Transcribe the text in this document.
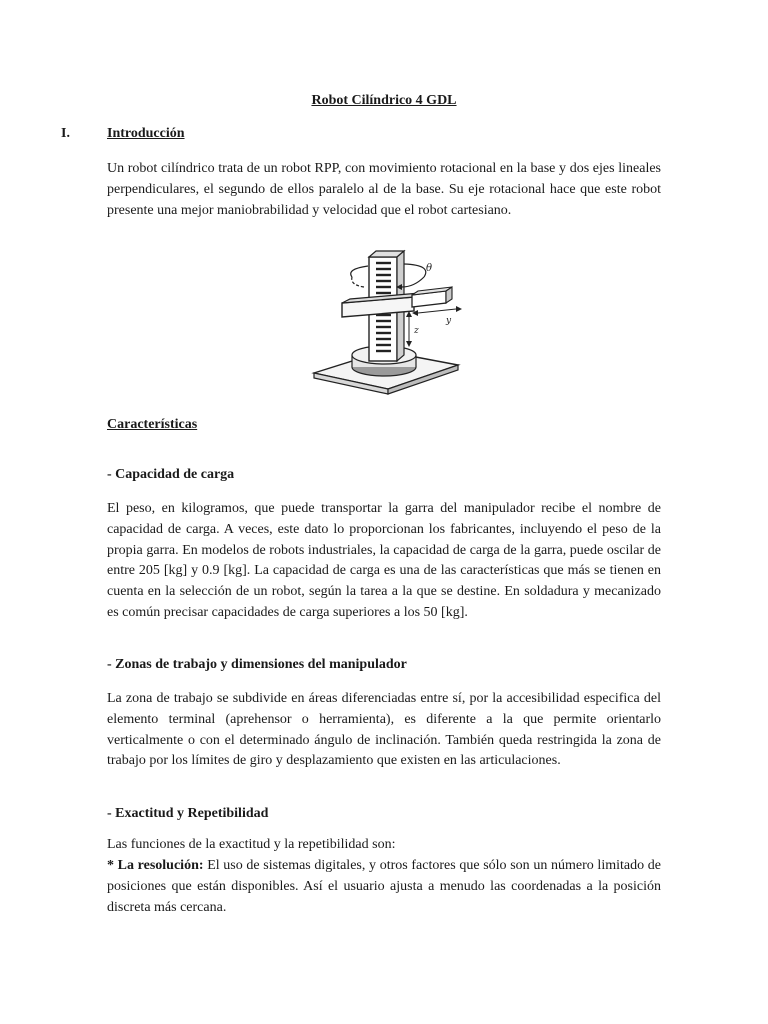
Robot Cilíndrico 4 GDL
I.	Introducción
Un robot cilíndrico trata de un robot RPP, con movimiento rotacional en la base y dos ejes lineales perpendiculares, el segundo de ellos paralelo al de la base. Su eje rotacional hace que este robot presente una mejor maniobrabilidad y velocidad que el robot cartesiano.
θ
y
z
Características
- Capacidad de carga
El peso, en kilogramos, que puede transportar la garra del manipulador recibe el nombre de capacidad de carga. A veces, este dato lo proporcionan los fabricantes, incluyendo el peso de la propia garra. En modelos de robots industriales, la capacidad de carga de la garra, puede oscilar de entre 205 [kg] y 0.9 [kg]. La capacidad de carga es una de las características que más se tienen en cuenta en la selección de un robot, según la tarea a la que se destine. En soldadura y mecanizado es común precisar capacidades de carga superiores a los 50 [kg].
- Zonas de trabajo y dimensiones del manipulador
La zona de trabajo se subdivide en áreas diferenciadas entre sí, por la accesibilidad especifica del elemento terminal (aprehensor o herramienta), es diferente a la que permite orientarlo verticalmente o con el determinado ángulo de inclinación. También queda restringida la zona de trabajo por los límites de giro y desplazamiento que existen en las articulaciones.
- Exactitud y Repetibilidad
Las funciones de la exactitud y la repetibilidad son:
* La resolución: El uso de sistemas digitales, y otros factores que sólo son un número limitado de posiciones que están disponibles. Así el usuario ajusta a menudo las coordenadas a la posición discreta más cercana.
